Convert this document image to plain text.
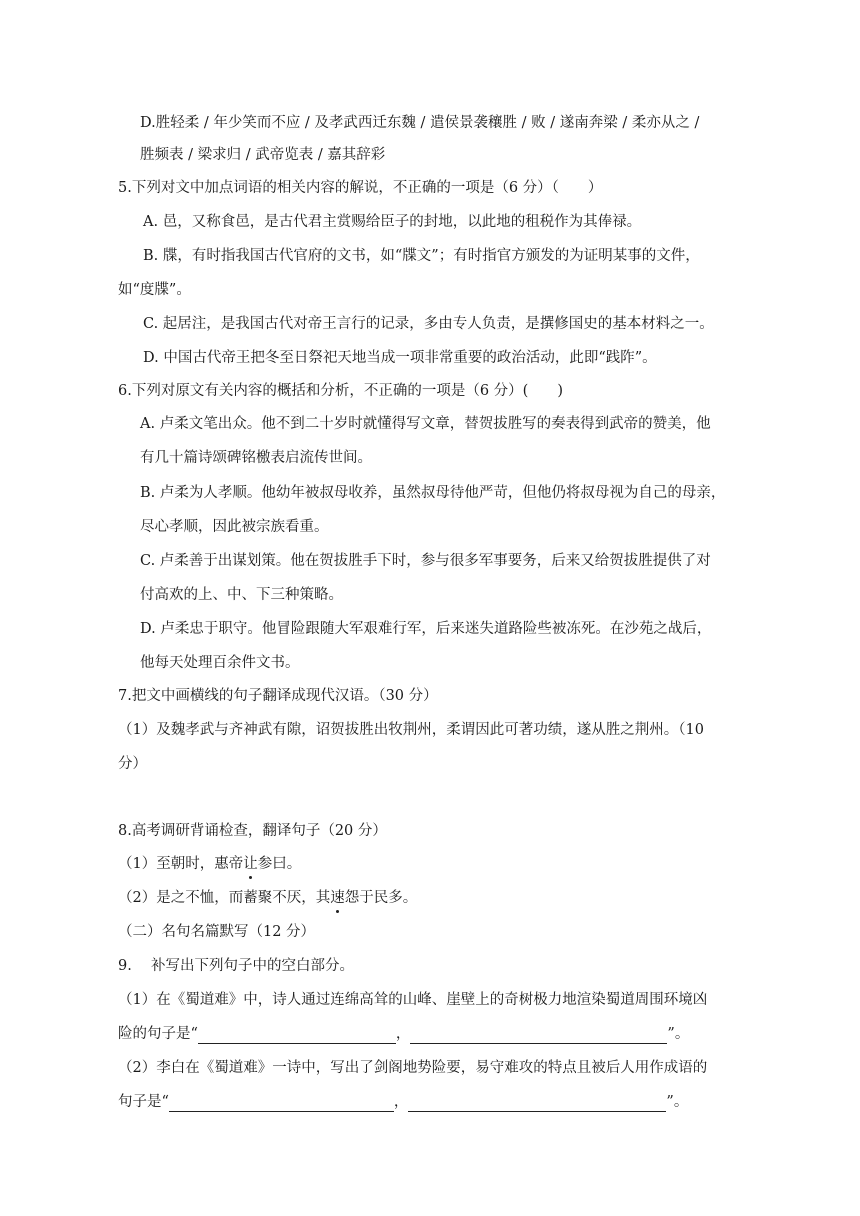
D.胜轻柔 / 年少笑而不应 / 及孝武西迁东魏 / 遣侯景袭穰胜 / 败 / 遂南奔梁 / 柔亦从之 /
胜频表 / 梁求归 / 武帝览表 / 嘉其辞彩
5.下列对文中加点词语的相关内容的解说，不正确的一项是（6 分）（　　）
A. 邑，又称食邑，是古代君主赏赐给臣子的封地，以此地的租税作为其俸禄。
B. 牒，有时指我国古代官府的文书，如“牒文”；有时指官方颁发的为证明某事的文件，
如“度牒”。
C. 起居注，是我国古代对帝王言行的记录，多由专人负责，是撰修国史的基本材料之一。
D. 中国古代帝王把冬至日祭祀天地当成一项非常重要的政治活动，此即“践阼”。
6.下列对原文有关内容的概括和分析，不正确的一项是（6 分）(　　)
A. 卢柔文笔出众。他不到二十岁时就懂得写文章，替贺拔胜写的奏表得到武帝的赞美，他
有几十篇诗颂碑铭檄表启流传世间。
B. 卢柔为人孝顺。他幼年被叔母收养，虽然叔母待他严苛，但他仍将叔母视为自己的母亲，
尽心孝顺，因此被宗族看重。
C. 卢柔善于出谋划策。他在贺拔胜手下时，参与很多军事要务，后来又给贺拔胜提供了对
付高欢的上、中、下三种策略。
D. 卢柔忠于职守。他冒险跟随大军艰难行军，后来迷失道路险些被冻死。在沙苑之战后，
他每天处理百余件文书。
7.把文中画横线的句子翻译成现代汉语。（30 分）
（1）及魏孝武与齐神武有隙，诏贺拔胜出牧荆州，柔谓因此可著功绩，遂从胜之荆州。（10
分）
8.高考调研背诵检查，翻译句子（20 分）
（1）至朝时，惠帝让参曰。
（2）是之不恤，而蓄聚不厌，其速怨于民多。
（二）名句名篇默写（12 分）
9.　 补写出下列句子中的空白部分。
（1）在《蜀道难》中，诗人通过连绵高耸的山峰、崖壁上的奇树极力地渲染蜀道周围环境凶
险的句子是“	，	”。
（2）李白在《蜀道难》一诗中，写出了剑阁地势险要，易守难攻的特点且被后人用作成语的
句子是“	，	”。
